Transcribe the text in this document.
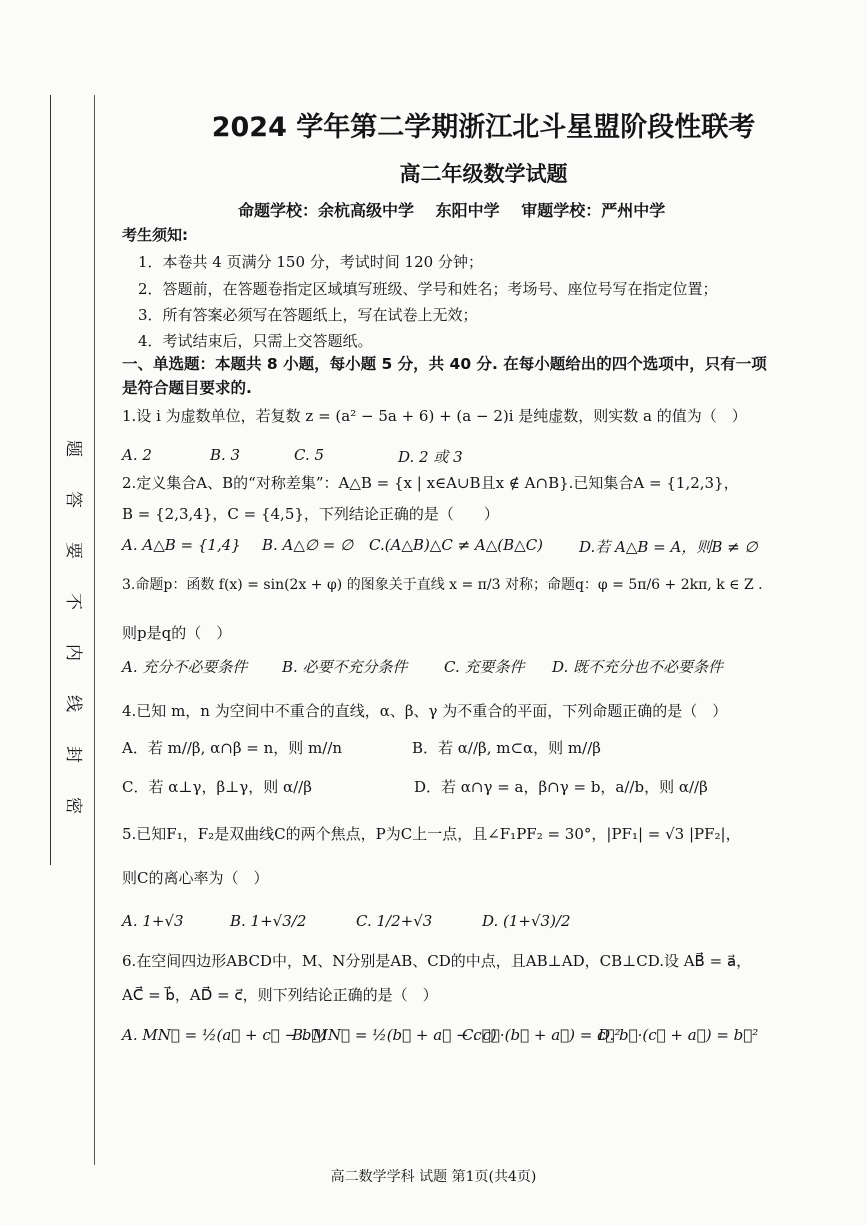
题
答
要
不
内
线
封
密
2024 学年第二学期浙江北斗星盟阶段性联考
高二年级数学试题
命题学校：余杭高级中学 东阳中学 审题学校：严州中学
考生须知:
1．本卷共 4 页满分 150 分，考试时间 120 分钟；
2．答题前，在答题卷指定区域填写班级、学号和姓名；考场号、座位号写在指定位置；
3．所有答案必须写在答题纸上，写在试卷上无效；
4．考试结束后，只需上交答题纸。
一、单选题：本题共 8 小题，每小题 5 分，共 40 分. 在每小题给出的四个选项中，只有一项
是符合题目要求的.
1.设 i 为虚数单位，若复数 z = (a² − 5a + 6) + (a − 2)i 是纯虚数，则实数 a 的值为（　）
A. 2	B. 3	C. 5	D. 2 或 3
2.定义集合A、B的“对称差集”：A△B = {x | x∈A∪B且x ∉ A∩B}.已知集合A = {1,2,3}，
B = {2,3,4}，C = {4,5}，下列结论正确的是（　　）
A. A△B = {1,4} B. A△∅ = ∅ C.(A△B)△C ≠ A△(B△C) D.若 A△B = A，则B ≠ ∅
3.命题p：函数 f(x) = sin(2x + φ) 的图象关于直线 x = π/3 对称；命题q：φ = 5π/6 + 2kπ, k ∈ Z .
则p是q的（　）
A. 充分不必要条件 B. 必要不充分条件 C. 充要条件 D. 既不充分也不必要条件
4.已知 m，n 为空间中不重合的直线，α、β、γ 为不重合的平面，下列命题正确的是（　）
A．若 m//β, α∩β = n，则 m//n	B．若 α//β, m⊂α，则 m//β
C．若 α⊥γ，β⊥γ，则 α//β	D．若 α∩γ = a，β∩γ = b，a//b，则 α//β
5.已知F₁，F₂是双曲线C的两个焦点，P为C上一点，且∠F₁PF₂ = 30°，|PF₁| = √3 |PF₂|，
则C的离心率为（　）
A. 1+√3	B. 1+√3/2	C. 1/2+√3	D. (1+√3)/2
6.在空间四边形ABCD中，M、N分别是AB、CD的中点，且AB⊥AD，CB⊥CD.设 AB⃗ = a⃗，
AC⃗ = b⃗，AD⃗ = c⃗，则下列结论正确的是（　）
A. MN⃗ = ½(a⃗ + c⃗ − b⃗)
B. MN⃗ = ½(b⃗ + a⃗ − c⃗)
C. c⃗·(b⃗ + a⃗) = c⃗²
D. b⃗·(c⃗ + a⃗) = b⃗²
高二数学学科 试题 第1页(共4页)
